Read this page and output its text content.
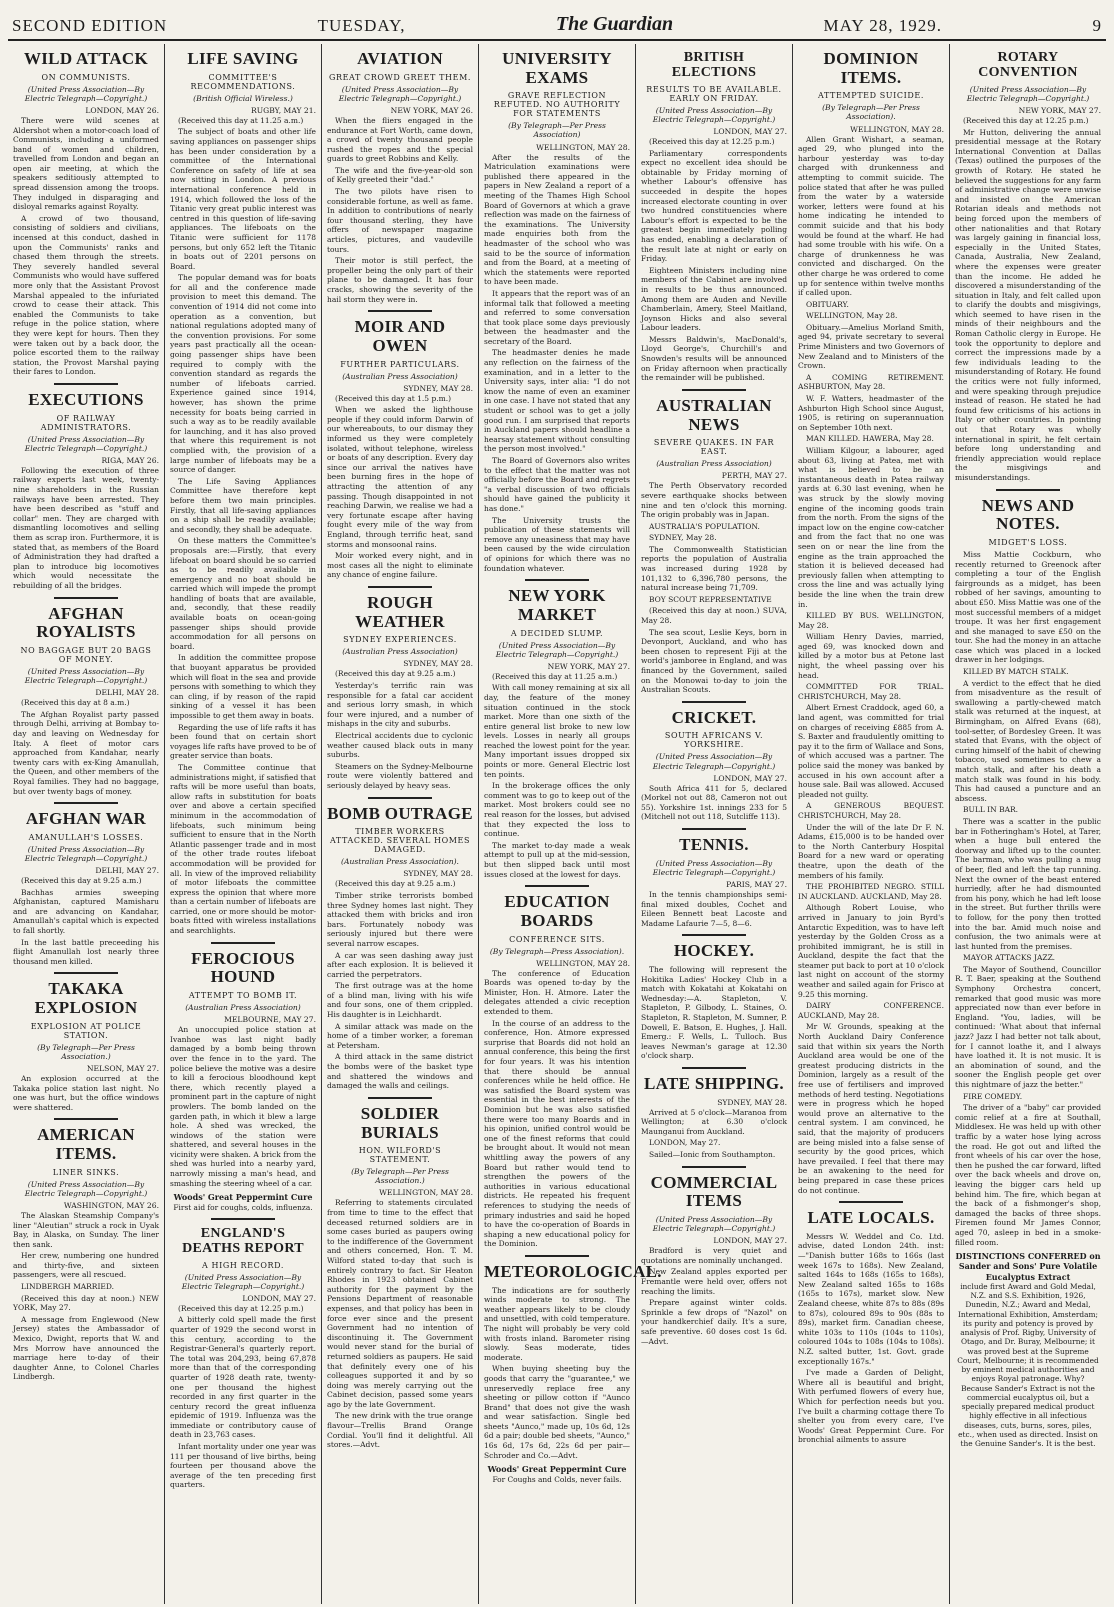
SECOND EDITION	TUESDAY,	The Guardian	MAY 28, 1929.	9
WILD ATTACK
ON COMMUNISTS.
(United Press Association—By Electric Telegraph—Copyright.)
LONDON, MAY 26.

There were wild scenes at Aldershot when a motor-coach load of Communists, including a uniformed band of women and children, travelled from London and began an open air meeting, at which the speakers seditiously attempted to spread dissension among the troops. They indulged in disparaging and disloyal remarks against Royalty.

A crowd of two thousand, consisting of soldiers and civilians, incensed at this conduct, dashed in upon the Communists' ranks and chased them through the streets. They severely handled several Communists who would have suffered more only that the Assistant Provost Marshal appealed to the infuriated crowd to cease their attack. This enabled the Communists to take refuge in the police station, where they were kept for hours. Then they were taken out by a back door, the police escorted them to the railway station, the Provost Marshal paying their fares to London.

EXECUTIONS
OF RAILWAY ADMINISTRATORS.
(United Press Association—By Electric Telegraph—Copyright.)
RIGA, MAY 26.

Following the execution of three railway experts last week, twenty-nine shareholders in the Russian railways have been arrested. They have been described as "stuff and collar" men. They are charged with dismantling locomotives and selling them as scrap iron. Furthermore, it is stated that, as members of the Board of Administration they had drafted a plan to introduce big locomotives which would necessitate the rebuilding of all the bridges.

AFGHAN ROYALISTS
NO BAGGAGE BUT 20 BAGS OF MONEY.
(United Press Association—By Electric Telegraph—Copyright.)
DELHI, MAY 28.

(Received this day at 8 a.m.)

The Afghan Royalist party passed through Delhi, arriving at Bombay to-day and leaving on Wednesday for Italy. A fleet of motor cars approached from Kandahar, nearly twenty cars with ex-King Amanullah, the Queen, and other members of the Royal families. They had no baggage, but over twenty bags of money.

AFGHAN WAR
AMANULLAH'S LOSSES.
(United Press Association—By Electric Telegraph—Copyright.)
DELHI, MAY 27.

(Received this day at 9.25 a.m.)

Bachhas armies sweeping Afghanistan, captured Mamisharu and are advancing on Kandahar, Amanullah's capital which is expected to fall shortly.

In the last battle preceeding his flight Amanullah lost nearly three thousand men killed.

TAKAKA EXPLOSION
EXPLOSION AT POLICE STATION.
(By Telegraph—Per Press Association.)
NELSON, MAY 27.

An explosion occurred at the Takaka police station last night. No one was hurt, but the office windows were shattered.

AMERICAN ITEMS.
LINER SINKS.
(United Press Association—By Electric Telegraph—Copyright.)
WASHINGTON, MAY 26.

The Alaskan Steamship Company's liner "Aleutian" struck a rock in Uyak Bay, in Alaska, on Sunday. The liner then sank.

Her crew, numbering one hundred and thirty-five, and sixteen passengers, were all rescued.

LINDBERGH MARRIED.

(Received this day at noon.) NEW YORK, May 27.

A message from Englewood (New Jersey) states the Ambassador of Mexico, Dwight, reports that W. and Mrs Morrow have announced the marriage here to-day of their daughter Anne, to Colonel Charles Lindbergh.

LIFE SAVING
COMMITTEE'S RECOMMENDATIONS.
(British Official Wireless.)
RUGBY, MAY 21.

(Received this day at 11.25 a.m.)

The subject of boats and other life saving appliances on passenger ships has been under consideration by a committee of the International Conference on safety of life at sea now sitting in London. A previous international conference held in 1914, which followed the loss of the Titanic very great public interest was centred in this question of life-saving appliances. The lifeboats on the Titanic were sufficient for 1178 persons, but only 652 left the Titanic in boats out of 2201 persons on Board.

The popular demand was for boats for all and the conference made provision to meet this demand. The convention of 1914 did not come into operation as a convention, but national regulations adopted many of the convention provisions. For some years past practically all the ocean-going passenger ships have been required to comply with the convention standard as regards the number of lifeboats carried. Experience gained since 1914, however, has shown the prime necessity for boats being carried in such a way as to be readily available for launching, and it has also proved that where this requirement is not complied with, the provision of a large number of lifeboats may be a source of danger.

The Life Saving Appliances Committee have therefore kept before them two main principles. Firstly, that all life-saving appliances on a ship shall be readily available; and secondly, they shall be adequate.

On these matters the Committee's proposals are:—Firstly, that every lifeboat on board should be so carried as to be readily available in emergency and no boat should be carried which will impede the prompt handling of boats that are available, and, secondly, that these readily available boats on ocean-going passenger ships should provide accommodation for all persons on board.

In addition the committee propose that buoyant apparatus be provided which will float in the sea and provide persons with something to which they can cling, if by reason of the rapid sinking of a vessel it has been impossible to get them away in boats.

Regarding the use of life rafts it has been found that on certain short voyages life rafts have proved to be of greater service than boats.

The Committee continue that administrations might, if satisfied that rafts will be more useful than boats, allow rafts in substitution for boats over and above a certain specified minimum in the accommodation of lifeboats, such minimum being sufficient to ensure that in the North Atlantic passenger trade and in most of the other trade routes lifeboat accommodation will be provided for all. In view of the improved reliability of motor lifeboats the committee express the opinion that where more than a certain number of lifeboats are carried, one or more should be motor-boats fitted with wireless installations and searchlights.

FEROCIOUS HOUND
ATTEMPT TO BOMB IT.
(Australian Press Association)
MELBOURNE, MAY 27.

An unoccupied police station at Ivanhoe was last night badly damaged by a bomb being thrown over the fence in to the yard. The police believe the motive was a desire to kill a ferocious bloodhound kept there, which recently played a prominent part in the capture of night prowlers. The bomb landed on the garden path, in which it blew a large hole. A shed was wrecked, the windows of the station were shattered, and several houses in the vicinity were shaken. A brick from the shed was hurled into a nearby yard, narrowly missing a man's head, and smashing the steering wheel of a car.

Woods' Great Peppermint Cure
First aid for coughs, colds, influenza.
ENGLAND'S DEATHS REPORT
A HIGH RECORD.
(United Press Association—By Electric Telegraph—Copyright.)
LONDON, MAY 27.

(Received this day at 12.25 p.m.)

A bitterly cold spell made the first quarter of 1929 the second worst in this century, according to the Registrar-General's quarterly report. The total was 204,293, being 67,878 more than that of the corresponding quarter of 1928 death rate, twenty-one per thousand the highest recorded in any first quarter in the century record the great influenza epidemic of 1919. Influenza was the immediate or contributory cause of death in 23,763 cases.

Infant mortality under one year was 111 per thousand of live births, being fourteen per thousand above the average of the ten preceding first quarters.

AVIATION
GREAT CROWD GREET THEM.
(United Press Association—By Electric Telegraph—Copyright.)
NEW YORK, MAY 26.

When the fliers engaged in the endurance at Fort Worth, came down, a crowd of twenty thousand people rushed the ropes and the special guards to greet Robbins and Kelly.

The wife and the five-year-old son of Kelly greeted their "dad."

The two pilots have risen to considerable fortune, as well as fame. In addition to contributions of nearly four thousand sterling, they have offers of newspaper magazine articles, pictures, and vaudeville tours.

Their motor is still perfect, the propeller being the only part of their plane to be damaged. It has four cracks, showing the severity of the hail storm they were in.

MOIR AND OWEN
FURTHER PARTICULARS.
(Australian Press Association)
SYDNEY, MAY 28.

(Received this day at 1.5 p.m.)

When we asked the lighthouse people if they could inform Darwin of our whereabouts, to our dismay they informed us they were completely isolated, without telephone, wireless or boats of any description. Every day since our arrival the natives have been burning fires in the hope of attracting the attention of any passing. Though disappointed in not reaching Darwin, we realise we had a very fortunate escape after having fought every mile of the way from England, through terrific heat, sand storms and monsoonal rains.

Moir worked every night, and in most cases all the night to eliminate any chance of engine failure.

ROUGH WEATHER
SYDNEY EXPERIENCES.
(Australian Press Association)
SYDNEY, MAY 28.

(Received this day at 9.25 a.m.)

Yesterday's terrific rain was responsible for a fatal car accident and serious lorry smash, in which four were injured, and a number of mishaps in the city and suburbs.

Electrical accidents due to cyclonic weather caused black outs in many suburbs.

Steamers on the Sydney-Melbourne route were violently battered and seriously delayed by heavy seas.

BOMB OUTRAGE
TIMBER WORKERS ATTACKED. SEVERAL HOMES DAMAGED.
(Australian Press Association).
SYDNEY, MAY 28.

(Received this day at 9.25 a.m.)

Timber strike terrorists bombed three Sydney homes last night. They attacked them with bricks and iron bars. Fortunately nobody was seriously injured but there were several narrow escapes.

A car was seen dashing away just after each explosion. It is believed it carried the perpetrators.

The first outrage was at the home of a blind man, living with his wife and four sons, one of them crippled. His daughter is in Leichhardt.

A similar attack was made on the home of a timber worker, a foreman at Petersham.

A third attack in the same district the bombs were of the basket type and shattered the windows and damaged the walls and ceilings.

SOLDIER BURIALS
HON. WILFORD'S STATEMENT.
(By Telegraph—Per Press Association.)
WELLINGTON, MAY 28.

Referring to statements circulated from time to time to the effect that deceased returned soldiers are in some cases buried as paupers owing to the indifference of the Government and others concerned, Hon. T. M. Wilford stated to-day that such is entirely contrary to fact. Sir Heaton Rhodes in 1923 obtained Cabinet authority for the payment by the Pensions Department of reasonable expenses, and that policy has been in force ever since and the present Government had no intention of discontinuing it. The Government would never stand for the burial of returned soldiers as paupers. He said that definitely every one of his colleagues supported it and by so doing was merely carrying out the Cabinet decision, passed some years ago by the late Government.

The new drink with the true orange flavour—Trellis Brand Orange Cordial. You'll find it delightful. All stores.—Advt.

UNIVERSITY EXAMS
GRAVE REFLECTION REFUTED. NO AUTHORITY FOR STATEMENTS
(By Telegraph—Per Press Association)
WELLINGTON, MAY 28.

After the results of the Matriculation examinations were published there appeared in the papers in New Zealand a report of a meeting of the Thames High School Board of Governors at which a grave reflection was made on the fairness of the examinations. The University made enquiries both from the headmaster of the school who was said to be the source of information and from the Board, at a meeting of which the statements were reported to have been made.

It appears that the report was of an informal talk that followed a meeting and referred to some conversation that took place some days previously between the headmaster and the secretary of the Board.

The headmaster denies he made any reflection on the fairness of the examination, and in a letter to the University says, inter alia: "I do not know the name of even an examiner in one case. I have not stated that any student or school was to get a jolly good run. I am surprised that reports in Auckland papers should headline a hearsay statement without consulting the person most involved."

The Board of Governors also writes to the effect that the matter was not officially before the Board and regrets "a verbal discussion of two officials should have gained the publicity it has done."

The University trusts the publication of these statements will remove any uneasiness that may have been caused by the wide circulation of opinions for which there was no foundation whatever.

NEW YORK MARKET
A DECIDED SLUMP.
(United Press Association—By Electric Telegraph—Copyright.)
NEW YORK, MAY 27.

(Received this day at 11.25 a.m.)

With call money remaining at six all day, the feature of the money situation continued in the stock market. More than one sixth of the entire general list broke to new low levels. Losses in nearly all groups reached the lowest point for the year. Many important issues dropped six points or more. General Electric lost ten points.

In the brokerage offices the only comment was to go to keep out of the market. Most brokers could see no real reason for the losses, but advised that they expected the loss to continue.

The market to-day made a weak attempt to pull up at the mid-session, but then slipped back until most issues closed at the lowest for days.

EDUCATION BOARDS
CONFERENCE SITS.
(By Telegraph—Press Association).
WELLINGTON, MAY 28.

The conference of Education Boards was opened to-day by the Minister, Hon. H. Atmore. Later the delegates attended a civic reception extended to them.

In the course of an address to the conference, Hon. Atmore expressed surprise that Boards did not hold an annual conference, this being the first for four years. It was his intention that there should be annual conferences while he held office. He was satisfied the Board system was essential in the best interests of the Dominion but he was also satisfied there were too many Boards and in his opinion, unified control would be one of the finest reforms that could be brought about. It would not mean whittling away the powers of any Board but rather would tend to strengthen the powers of the authorities in various educational districts. He repeated his frequent references to studying the needs of primary industries and said he hoped to have the co-operation of Boards in shaping a new educational policy for the Dominion.

METEOROLOGICAL.

The indications are for southerly winds moderate to strong. The weather appears likely to be cloudy and unsettled, with cold temperature. The night will probably be very cold with frosts inland. Barometer rising slowly. Seas moderate, tides moderate.

When buying sheeting buy the goods that carry the "guarantee," we unreservedly replace free any sheeting or pillow cotton if "Aunco Brand" that does not give the wash and wear satisfaction. Single bed sheets "Aunco," made up, 10s 6d, 12s 6d a pair; double bed sheets, "Aunco," 16s 6d, 17s 6d, 22s 6d per pair—Schroder and Co.—Advt.

Woods' Great Peppermint Cure
For Coughs and Colds, never fails.
BRITISH ELECTIONS
RESULTS TO BE AVAILABLE. EARLY ON FRIDAY.
(United Press Association—By Electric Telegraph—Copyright.)
LONDON, MAY 27.

(Received this day at 12.25 p.m.)

Parliamentary correspondents expect no excellent idea should be obtainable by Friday morning of whether Labour's offensive has succeeded in despite the hopes increased electorate counting in over two hundred constituencies where Labour's effort is expected to be the greatest begin immediately polling has ended, enabling a declaration of the result late at night or early on Friday.

Eighteen Ministers including nine members of the Cabinet are involved in results to be thus announced. Among them are Auden and Neville Chamberlain, Amery, Steel Maitland, Joynson Hicks and also several Labour leaders.

Messrs Baldwin's, MacDonald's, Lloyd George's, Churchill's and Snowden's results will be announced on Friday afternoon when practically the remainder will be published.

AUSTRALIAN NEWS
SEVERE QUAKES. IN FAR EAST.
(Australian Press Association)
PERTH, MAY 27.

The Perth Observatory recorded severe earthquake shocks between nine and ten o'clock this morning. The origin probably was in Japan.

AUSTRALIA'S POPULATION.

SYDNEY, May 28.

The Commonwealth Statistician reports the population of Australia was increased during 1928 by 101,132 to 6,396,780 persons, the natural increase being 71,709.

BOY SCOUT REPRESENTATIVE

(Received this day at noon.) SUVA, May 28.

The sea scout, Leslie Keys, born in Devonport, Auckland, and who has been chosen to represent Fiji at the world's jamboree in England, and was financed by the Government, sailed on the Monowai to-day to join the Australian Scouts.

CRICKET.
SOUTH AFRICANS V. YORKSHIRE.
(United Press Association—By Electric Telegraph—Copyright.)
LONDON, MAY 27.

South Africa 411 for 5, declared (Morkel not out 88, Cameron not out 55). Yorkshire 1st. innings 233 for 5 (Mitchell not out 118, Sutcliffe 113).

TENNIS.
(United Press Association—By Electric Telegraph—Copyright.)
PARIS, MAY 27.

In the tennis championships semi-final mixed doubles, Cochet and Eileen Bennett beat Lacoste and Madame Lafaurie 7—5, 8—6.

HOCKEY.

The following will represent the Hokitika Ladies' Hockey Club in a match with Kokatahi at Kokatahi on Wednesday:—A. Stapleton, V. Stapleton, P. Gilbody, L. Staines, O. Stapleton, R. Stapleton, M. Sumner, P. Dowell, E. Batson, E. Hughes, J. Hall. Emerg.: F. Wells, L. Tulloch. Bus leaves Newman's garage at 12.30 o'clock sharp.

LATE SHIPPING.
SYDNEY, MAY 28.

Arrived at 5 o'clock—Maranoa from Wellington; at 6.30 o'clock Maunganui from Auckland.

LONDON, May 27.

Sailed—Ionic from Southampton.

COMMERCIAL ITEMS
(United Press Association—By Electric Telegraph—Copyright.)
LONDON, MAY 27.

Bradford is very quiet and quotations are nominally unchanged.

New Zealand apples exported per Fremantle were held over, offers not reaching the limits.

Prepare against winter colds. Sprinkle a few drops of "Nazol" on your handkerchief daily. It's a sure, safe preventive. 60 doses cost 1s 6d.—Advt.

DOMINION ITEMS.
ATTEMPTED SUICIDE.
(By Telegraph—Per Press Association).
WELLINGTON, MAY 28.

Allen Grant Wishart, a seaman, aged 29, who plunged into the harbour yesterday was to-day charged with drunkenness and attempting to commit suicide. The police stated that after he was pulled from the water by a waterside worker, letters were found at his home indicating he intended to commit suicide and that his body would be found at the wharf. He had had some trouble with his wife. On a charge of drunkenness he was convicted and discharged. On the other charge he was ordered to come up for sentence within twelve months if called upon.

OBITUARY.

WELLINGTON, May 28.

Obituary.—Amelius Morland Smith, aged 94, private secretary to several Prime Ministers and two Governors of New Zealand and to Ministers of the Crown.

A COMING RETIREMENT. ASHBURTON, May 28.

W. F. Watters, headmaster of the Ashburton High School since August, 1905, is retiring on superannuation on September 10th next.

MAN KILLED. HAWERA, May 28.

William Kilgour, a labourer, aged about 63, living at Patea, met with what is believed to be an instantaneous death in Patea railway yards at 6.30 last evening, when he was struck by the slowly moving engine of the incoming goods train from the north. From the signs of the impact low on the engine cow-catcher and from the fact that no one was seen on or near the line from the engine as the train approached the station it is believed deceased had previously fallen when attempting to cross the line and was actually lying beside the line when the train drew in.

KILLED BY BUS. WELLINGTON, May 28.

William Henry Davies, married, aged 69, was knocked down and killed by a motor bus at Petone last night, the wheel passing over his head.

COMMITTED FOR TRIAL. CHRISTCHURCH, May 28.

Albert Ernest Craddock, aged 60, a land agent, was committed for trial on charges of receiving £885 from A. S. Baxter and fraudulently omitting to pay it to the firm of Wallace and Sons, of which accused was a partner. The police said the money was banked by accused in his own account after a house sale. Bail was allowed. Accused pleaded not guilty.

A GENEROUS BEQUEST. CHRISTCHURCH, May 28.

Under the will of the late Dr F. N. Adams, £15,000 is to be handed over to the North Canterbury Hospital Board for a new ward or operating theatre, upon the death of the members of his family.

THE PROHIBITED NEGRO. STILL IN AUCKLAND. AUCKLAND, May 28.

Although Robert Louise, who arrived in January to join Byrd's Antarctic Expedition, was to have left yesterday by the Golden Cross as a prohibited immigrant, he is still in Auckland, despite the fact that the steamer put back to port at 10 o'clock last night on account of the stormy weather and sailed again for Frisco at 9.25 this morning.

DAIRY CONFERENCE. AUCKLAND, May 28.

Mr W. Grounds, speaking at the North Auckland Dairy Conference said that within six years the North Auckland area would be one of the greatest producing districts in the Dominion, largely as a result of the free use of fertilisers and improved methods of herd testing. Negotiations were in progress which he hoped would prove an alternative to the central system. I am convinced, he said, that the majority of producers are being misled into a false sense of security by the good prices, which have prevailed. I feel that there may be an awakening to the need for being prepared in case these prices do not continue.

LATE LOCALS.

Messrs W. Weddel and Co. Ltd. advise, dated London 24th. inst:—"Danish butter 168s to 166s (last week 167s to 168s). New Zealand, salted 164s to 168s (165s to 168s), New Zealand salted 165s to 168s (165s to 167s), market slow. New Zealand cheese, white 87s to 88s (89s to 87s), coloured 89s to 90s (88s to 89s), market firm. Canadian cheese, white 103s to 110s (104s to 110s), coloured 104s to 108s (104s to 108s). N.Z. salted butter, 1st. Govt. grade exceptionally 167s."

I've made a Garden of Delight, Where all is beautiful and bright, With perfumed flowers of every hue, Which for perfection needs but you. I've built a charming cottage there To shelter you from every care, I've Woods' Great Peppermint Cure. For bronchial ailments to assure

ROTARY CONVENTION
(United Press Association—By Electric Telegraph—Copyright.)
NEW YORK, MAY 27.

(Received this day at 12.25 p.m.)

Mr Hutton, delivering the annual presidential message at the Rotary International Convention at Dallas (Texas) outlined the purposes of the growth of Rotary. He stated he believed the suggestions for any farm of administrative change were unwise and insisted on the American Rotarian ideals and methods not being forced upon the members of other nationalities and that Rotary was largely gaining in financial loss, especially in the United States, Canada, Australia, New Zealand, where the expenses were greater than the income. He added he discovered a misunderstanding of the situation in Italy, and felt called upon to clarify the doubts and misgivings, which seemed to have risen in the minds of their neighbours and the Roman Catholic clergy in Europe. He took the opportunity to deplore and correct the impressions made by a few individuals leading to the misunderstanding of Rotary. He found the critics were not fully informed, and were speaking through prejudice instead of reason. He stated he had found few criticisms of his actions in Italy or other countries. In pointing out that Rotary was wholly international in spirit, he felt certain before long understanding and friendly appreciation would replace the misgivings and misunderstandings.

NEWS AND NOTES.
MIDGET'S LOSS.

Miss Mattie Cockburn, who recently returned to Greenock after completing a tour of the English fairgrounds as a midget, has been robbed of her savings, amounting to about £50. Miss Mattie was one of the most successful members of a midget troupe. It was her first engagement and she managed to save £50 on the tour. She had the money in an attache case which was placed in a locked drawer in her lodgings.

KILLED BY MATCH STALK.

A verdict to the effect that he died from misadventure as the result of swallowing a partly-chewed match stalk was returned at the inquest, at Birmingham, on Alfred Evans (68), tool-setter, of Bordesley Green. It was stated that Evans, with the object of curing himself of the habit of chewing tobacco, used sometimes to chew a match stalk, and after his death a match stalk was found in his body. This had caused a puncture and an abscess.

BULL IN BAR.

There was a scatter in the public bar in Fotheringham's Hotel, at Tarer, when a huge bull entered the doorway and lifted up to the counter. The barman, who was pulling a mug of beer, fled and left the tap running. Next the owner of the beast entered hurriedly, after he had dismounted from his pony, which he had left loose in the street. But further thrills were to follow, for the pony then trotted into the bar. Amid much noise and confusion, the two animals were at last hunted from the premises.

MAYOR ATTACKS JAZZ.

The Mayor of Southend, Councillor R. T. Baer, speaking at the Southend Symphony Orchestra concert, remarked that good music was more appreciated now than ever before in England. "You, ladies, will be continued: 'What about that infernal jazz? Jazz I had better not talk about, for I cannot loathe it, and I always have loathed it. It is not music. It is an abomination of sound, and the sooner the English people get over this nightmare of jazz the better."

FIRE COMEDY.

The driver of a "baby" car provided comic relief at a fire at Southall, Middlesex. He was held up with other traffic by a water hose lying across the road. He got out and lifted the front wheels of his car over the hose, then he pushed the car forward, lifted over the back wheels and drove on, leaving the bigger cars held up behind him. The fire, which began at the back of a fishmonger's shop, damaged the backs of three shops. Firemen found Mr James Connor, aged 70, asleep in bed in a smoke-filled room.

DISTINCTIONS CONFERRED on Sander and Sons' Pure Volatile Eucalyptus Extract
include first Award and Gold Medal, N.Z. and S.S. Exhibition, 1926, Dunedin, N.Z.; Award and Medal, International Exhibition, Amsterdam; its purity and potency is proved by analysis of Prof. Rigby, University of Otago, and Dr. Buray, Melbourne; it was proved best at the Supreme Court, Melbourne; it is recommended by eminent medical authorities and enjoys Royal patronage. Why? Because Sander's Extract is not the commercial eucalyptus oil, but a specially prepared medical product highly effective in all infectious diseases, cuts, burns, sores, piles, etc., when used as directed. Insist on the Genuine Sander's. It is the best.
